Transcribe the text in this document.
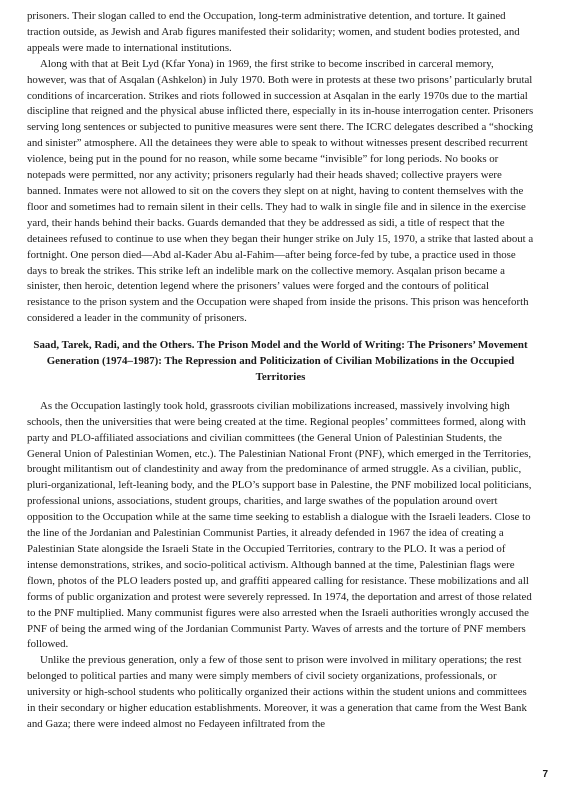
prisoners. Their slogan called to end the Occupation, long-term administrative detention, and torture. It gained traction outside, as Jewish and Arab figures manifested their solidarity; women, and student bodies protested, and appeals were made to international institutions.

Along with that at Beit Lyd (Kfar Yona) in 1969, the first strike to become inscribed in carceral memory, however, was that of Asqalan (Ashkelon) in July 1970. Both were in protests at these two prisons’ particularly brutal conditions of incarceration. Strikes and riots followed in succession at Asqalan in the early 1970s due to the martial discipline that reigned and the physical abuse inflicted there, especially in its in-house interrogation center. Prisoners serving long sentences or subjected to punitive measures were sent there. The ICRC delegates described a “shocking and sinister” atmosphere. All the detainees they were able to speak to without witnesses present described recurrent violence, being put in the pound for no reason, while some became “invisible” for long periods. No books or notepads were permitted, nor any activity; prisoners regularly had their heads shaved; collective prayers were banned. Inmates were not allowed to sit on the covers they slept on at night, having to content themselves with the floor and sometimes had to remain silent in their cells. They had to walk in single file and in silence in the exercise yard, their hands behind their backs. Guards demanded that they be addressed as sidi, a title of respect that the detainees refused to continue to use when they began their hunger strike on July 15, 1970, a strike that lasted about a fortnight. One person died—Abd al-Kader Abu al-Fahim—after being force-fed by tube, a practice used in those days to break the strikes. This strike left an indelible mark on the collective memory. Asqalan prison became a sinister, then heroic, detention legend where the prisoners’ values were forged and the contours of political resistance to the prison system and the Occupation were shaped from inside the prisons. This prison was henceforth considered a leader in the community of prisoners.

Saad, Tarek, Radi, and the Others. The Prison Model and the World of Writing: The Prisoners’ Movement Generation (1974–1987): The Repression and Politicization of Civilian Mobilizations in the Occupied Territories

As the Occupation lastingly took hold, grassroots civilian mobilizations increased, massively involving high schools, then the universities that were being created at the time. Regional peoples’ committees formed, along with party and PLO-affiliated associations and civilian committees (the General Union of Palestinian Students, the General Union of Palestinian Women, etc.). The Palestinian National Front (PNF), which emerged in the Territories, brought militantism out of clandestinity and away from the predominance of armed struggle. As a civilian, public, pluri-organizational, left-leaning body, and the PLO’s support base in Palestine, the PNF mobilized local politicians, professional unions, associations, student groups, charities, and large swathes of the population around overt opposition to the Occupation while at the same time seeking to establish a dialogue with the Israeli leaders. Close to the line of the Jordanian and Palestinian Communist Parties, it already defended in 1967 the idea of creating a Palestinian State alongside the Israeli State in the Occupied Territories, contrary to the PLO. It was a period of intense demonstrations, strikes, and socio-political activism. Although banned at the time, Palestinian flags were flown, photos of the PLO leaders posted up, and graffiti appeared calling for resistance. These mobilizations and all forms of public organization and protest were severely repressed. In 1974, the deportation and arrest of those related to the PNF multiplied. Many communist figures were also arrested when the Israeli authorities wrongly accused the PNF of being the armed wing of the Jordanian Communist Party. Waves of arrests and the torture of PNF members followed.

Unlike the previous generation, only a few of those sent to prison were involved in military operations; the rest belonged to political parties and many were simply members of civil society organizations, professionals, or university or high-school students who politically organized their actions within the student unions and committees in their secondary or higher education establishments. Moreover, it was a generation that came from the West Bank and Gaza; there were indeed almost no Fedayeen infiltrated from the

7
